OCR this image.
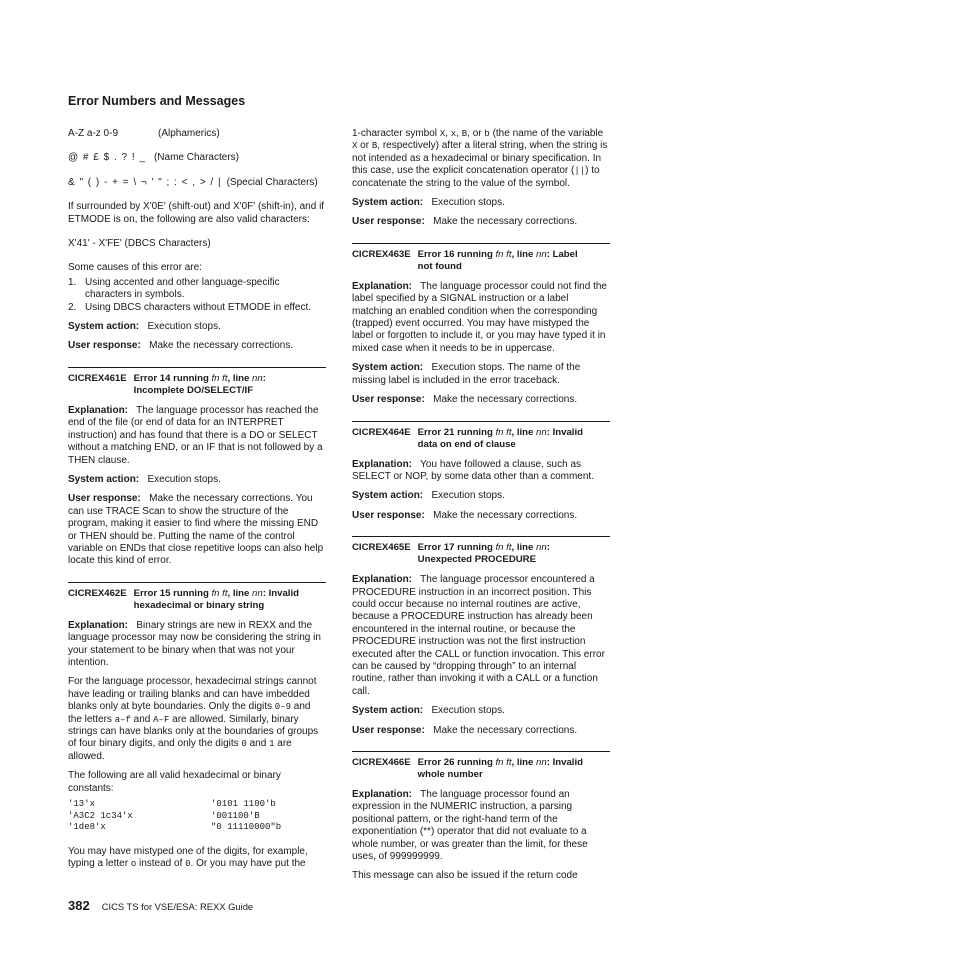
Error Numbers and Messages
A-Z a-z 0-9	(Alphamerics)
@ # £ $ . ? ! _ (Name Characters)
& " ( ) - + = \ ¬ ' " ; : < , > / | (Special Characters)

If surrounded by X'0E' (shift-out) and X'0F' (shift-in), and if ETMODE is on, the following are also valid characters:

X'41' - X'FE' (DBCS Characters)

Some causes of this error are:

1. Using accented and other language-specific characters in symbols.
2. Using DBCS characters without ETMODE in effect.

System action: Execution stops.

User response: Make the necessary corrections.

CICREX461E Error 14 running fn ft, line nn:
Incomplete DO/SELECT/IF

Explanation: The language processor has reached the end of the file (or end of data for an INTERPRET instruction) and has found that there is a DO or SELECT without a matching END, or an IF that is not followed by a THEN clause.

System action: Execution stops.

User response: Make the necessary corrections. You can use TRACE Scan to show the structure of the program, making it easier to find where the missing END or THEN should be. Putting the name of the control variable on ENDs that close repetitive loops can also help locate this kind of error.

CICREX462E Error 15 running fn ft, line nn: Invalid
hexadecimal or binary string

Explanation: Binary strings are new in REXX and the language processor may now be considering the string in your statement to be binary when that was not your intention.

For the language processor, hexadecimal strings cannot have leading or trailing blanks and can have imbedded blanks only at byte boundaries. Only the digits 0–9 and the letters a–f and A–F are allowed. Similarly, binary strings can have blanks only at the boundaries of groups of four binary digits, and only the digits 0 and 1 are allowed.

The following are all valid hexadecimal or binary constants:

'13'x	'0101 1100'b
'A3C2 1c34'x	'001100'B
'1de8'x	"0 11110000"b

You may have mistyped one of the digits, for example, typing a letter o instead of 0. Or you may have put the

1-character symbol X, x, B, or b (the name of the variable X or B, respectively) after a literal string, when the string is not intended as a hexadecimal or binary specification. In this case, use the explicit concatenation operator (||) to concatenate the string to the value of the symbol.

System action: Execution stops.

User response: Make the necessary corrections.

CICREX463E Error 16 running fn ft, line nn: Label
not found

Explanation: The language processor could not find the label specified by a SIGNAL instruction or a label matching an enabled condition when the corresponding (trapped) event occurred. You may have mistyped the label or forgotten to include it, or you may have typed it in mixed case when it needs to be in uppercase.

System action: Execution stops. The name of the missing label is included in the error traceback.

User response: Make the necessary corrections.

CICREX464E Error 21 running fn ft, line nn: Invalid
data on end of clause

Explanation: You have followed a clause, such as SELECT or NOP, by some data other than a comment.

System action: Execution stops.

User response: Make the necessary corrections.

CICREX465E Error 17 running fn ft, line nn:
Unexpected PROCEDURE

Explanation: The language processor encountered a PROCEDURE instruction in an incorrect position. This could occur because no internal routines are active, because a PROCEDURE instruction has already been encountered in the internal routine, or because the PROCEDURE instruction was not the first instruction executed after the CALL or function invocation. This error can be caused by “dropping through” to an internal routine, rather than invoking it with a CALL or a function call.

System action: Execution stops.

User response: Make the necessary corrections.

CICREX466E Error 26 running fn ft, line nn: Invalid
whole number

Explanation: The language processor found an expression in the NUMERIC instruction, a parsing positional pattern, or the right-hand term of the exponentiation (**) operator that did not evaluate to a whole number, or was greater than the limit, for these uses, of 999999999.

This message can also be issued if the return code

382 CICS TS for VSE/ESA: REXX Guide
